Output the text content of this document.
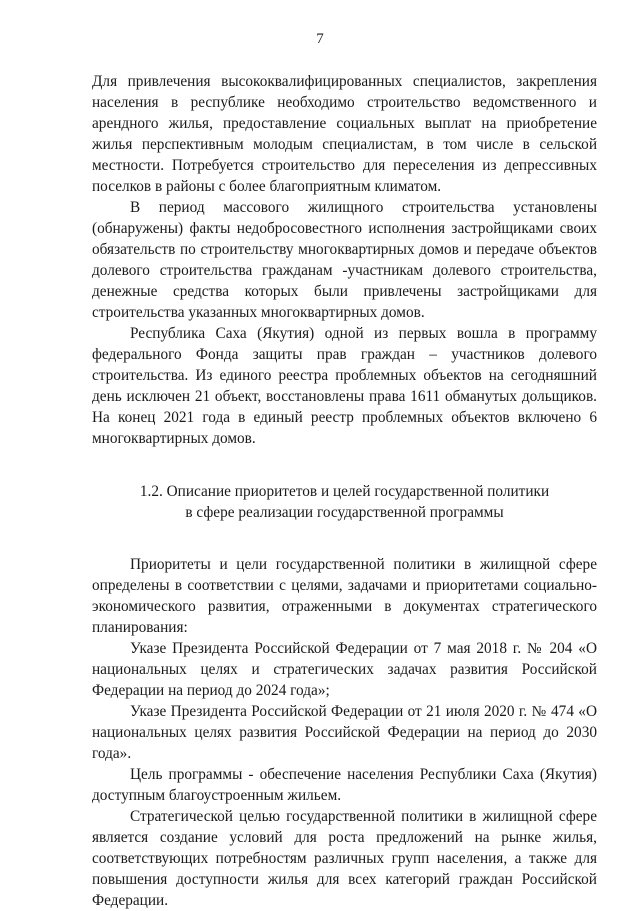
7

Для привлечения высококвалифицированных специалистов, закрепления населения в республике необходимо строительство ведомственного и арендного жилья, предоставление социальных выплат на приобретение жилья перспективным молодым специалистам, в том числе в сельской местности. Потребуется строительство для переселения из депрессивных поселков в районы с более благоприятным климатом.

В период массового жилищного строительства установлены (обнаружены) факты недобросовестного исполнения застройщиками своих обязательств по строительству многоквартирных домов и передаче объектов долевого строительства гражданам -участникам долевого строительства, денежные средства которых были привлечены застройщиками для строительства указанных многоквартирных домов.

Республика Саха (Якутия) одной из первых вошла в программу федерального Фонда защиты прав граждан – участников долевого строительства. Из единого реестра проблемных объектов на сегодняшний день исключен 21 объект, восстановлены права 1611 обманутых дольщиков. На конец 2021 года в единый реестр проблемных объектов включено 6 многоквартирных домов.

1.2. Описание приоритетов и целей государственной политики
в сфере реализации государственной программы

Приоритеты и цели государственной политики в жилищной сфере определены в соответствии с целями, задачами и приоритетами социально-экономического развития, отраженными в документах стратегического планирования:

Указе Президента Российской Федерации от 7 мая 2018 г. № 204 «О национальных целях и стратегических задачах развития Российской Федерации на период до 2024 года»;

Указе Президента Российской Федерации от 21 июля 2020 г. № 474 «О национальных целях развития Российской Федерации на период до 2030 года».

Цель программы - обеспечение населения Республики Саха (Якутия) доступным благоустроенным жильем.

Стратегической целью государственной политики в жилищной сфере является создание условий для роста предложений на рынке жилья, соответствующих потребностям различных групп населения, а также для повышения доступности жилья для всех категорий граждан Российской Федерации.
